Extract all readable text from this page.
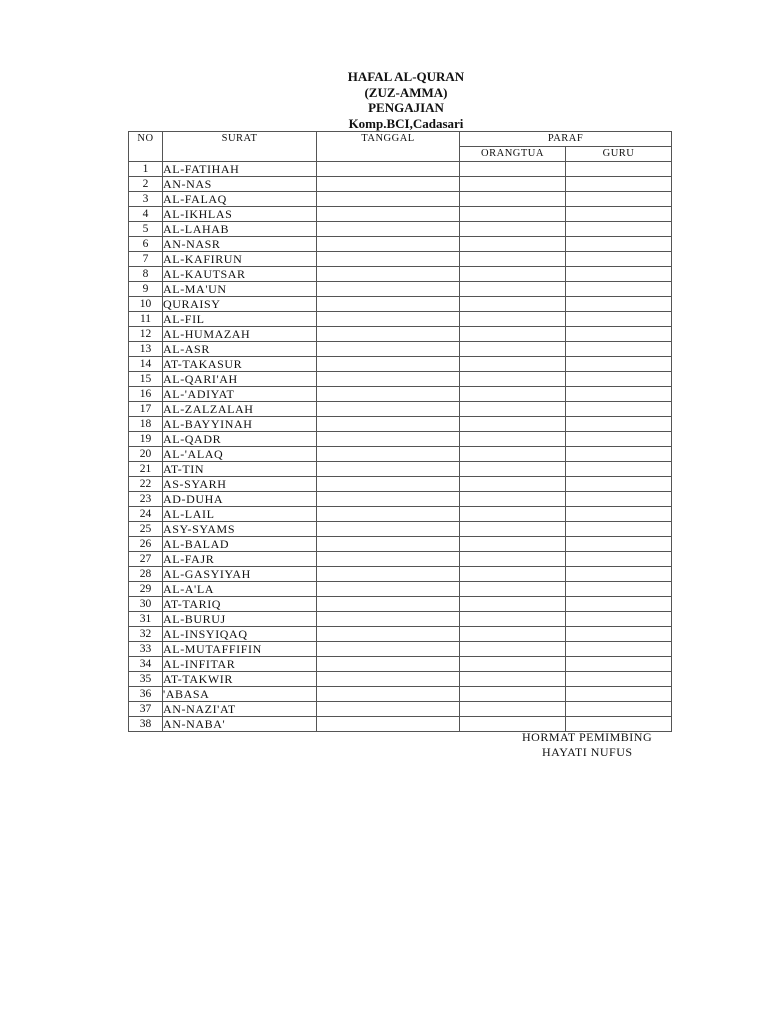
HAFAL AL-QURAN
(ZUZ-AMMA)
PENGAJIAN
Komp.BCI,Cadasari
NO	SURAT	TANGGAL	PARAF	
			ORANGTUA	GURU
1	AL-FATIHAH			
2	AN-NAS			
3	AL-FALAQ			
4	AL-IKHLAS			
5	AL-LAHAB			
6	AN-NASR			
7	AL-KAFIRUN			
8	AL-KAUTSAR			
9	AL-MA'UN			
10	QURAISY			
11	AL-FIL			
12	AL-HUMAZAH			
13	AL-ASR			
14	AT-TAKASUR			
15	AL-QARI'AH			
16	AL-'ADIYAT			
17	AL-ZALZALAH			
18	AL-BAYYINAH			
19	AL-QADR			
20	AL-'ALAQ			
21	AT-TIN			
22	AS-SYARH			
23	AD-DUHA			
24	AL-LAIL			
25	ASY-SYAMS			
26	AL-BALAD			
27	AL-FAJR			
28	AL-GASYIYAH			
29	AL-A'LA			
30	AT-TARIQ			
31	AL-BURUJ			
32	AL-INSYIQAQ			
33	AL-MUTAFFIFIN			
34	AL-INFITAR			
35	AT-TAKWIR			
36	'ABASA			
37	AN-NAZI'AT			
38	AN-NABA'			
HORMAT PEMIMBING
HAYATI NUFUS
